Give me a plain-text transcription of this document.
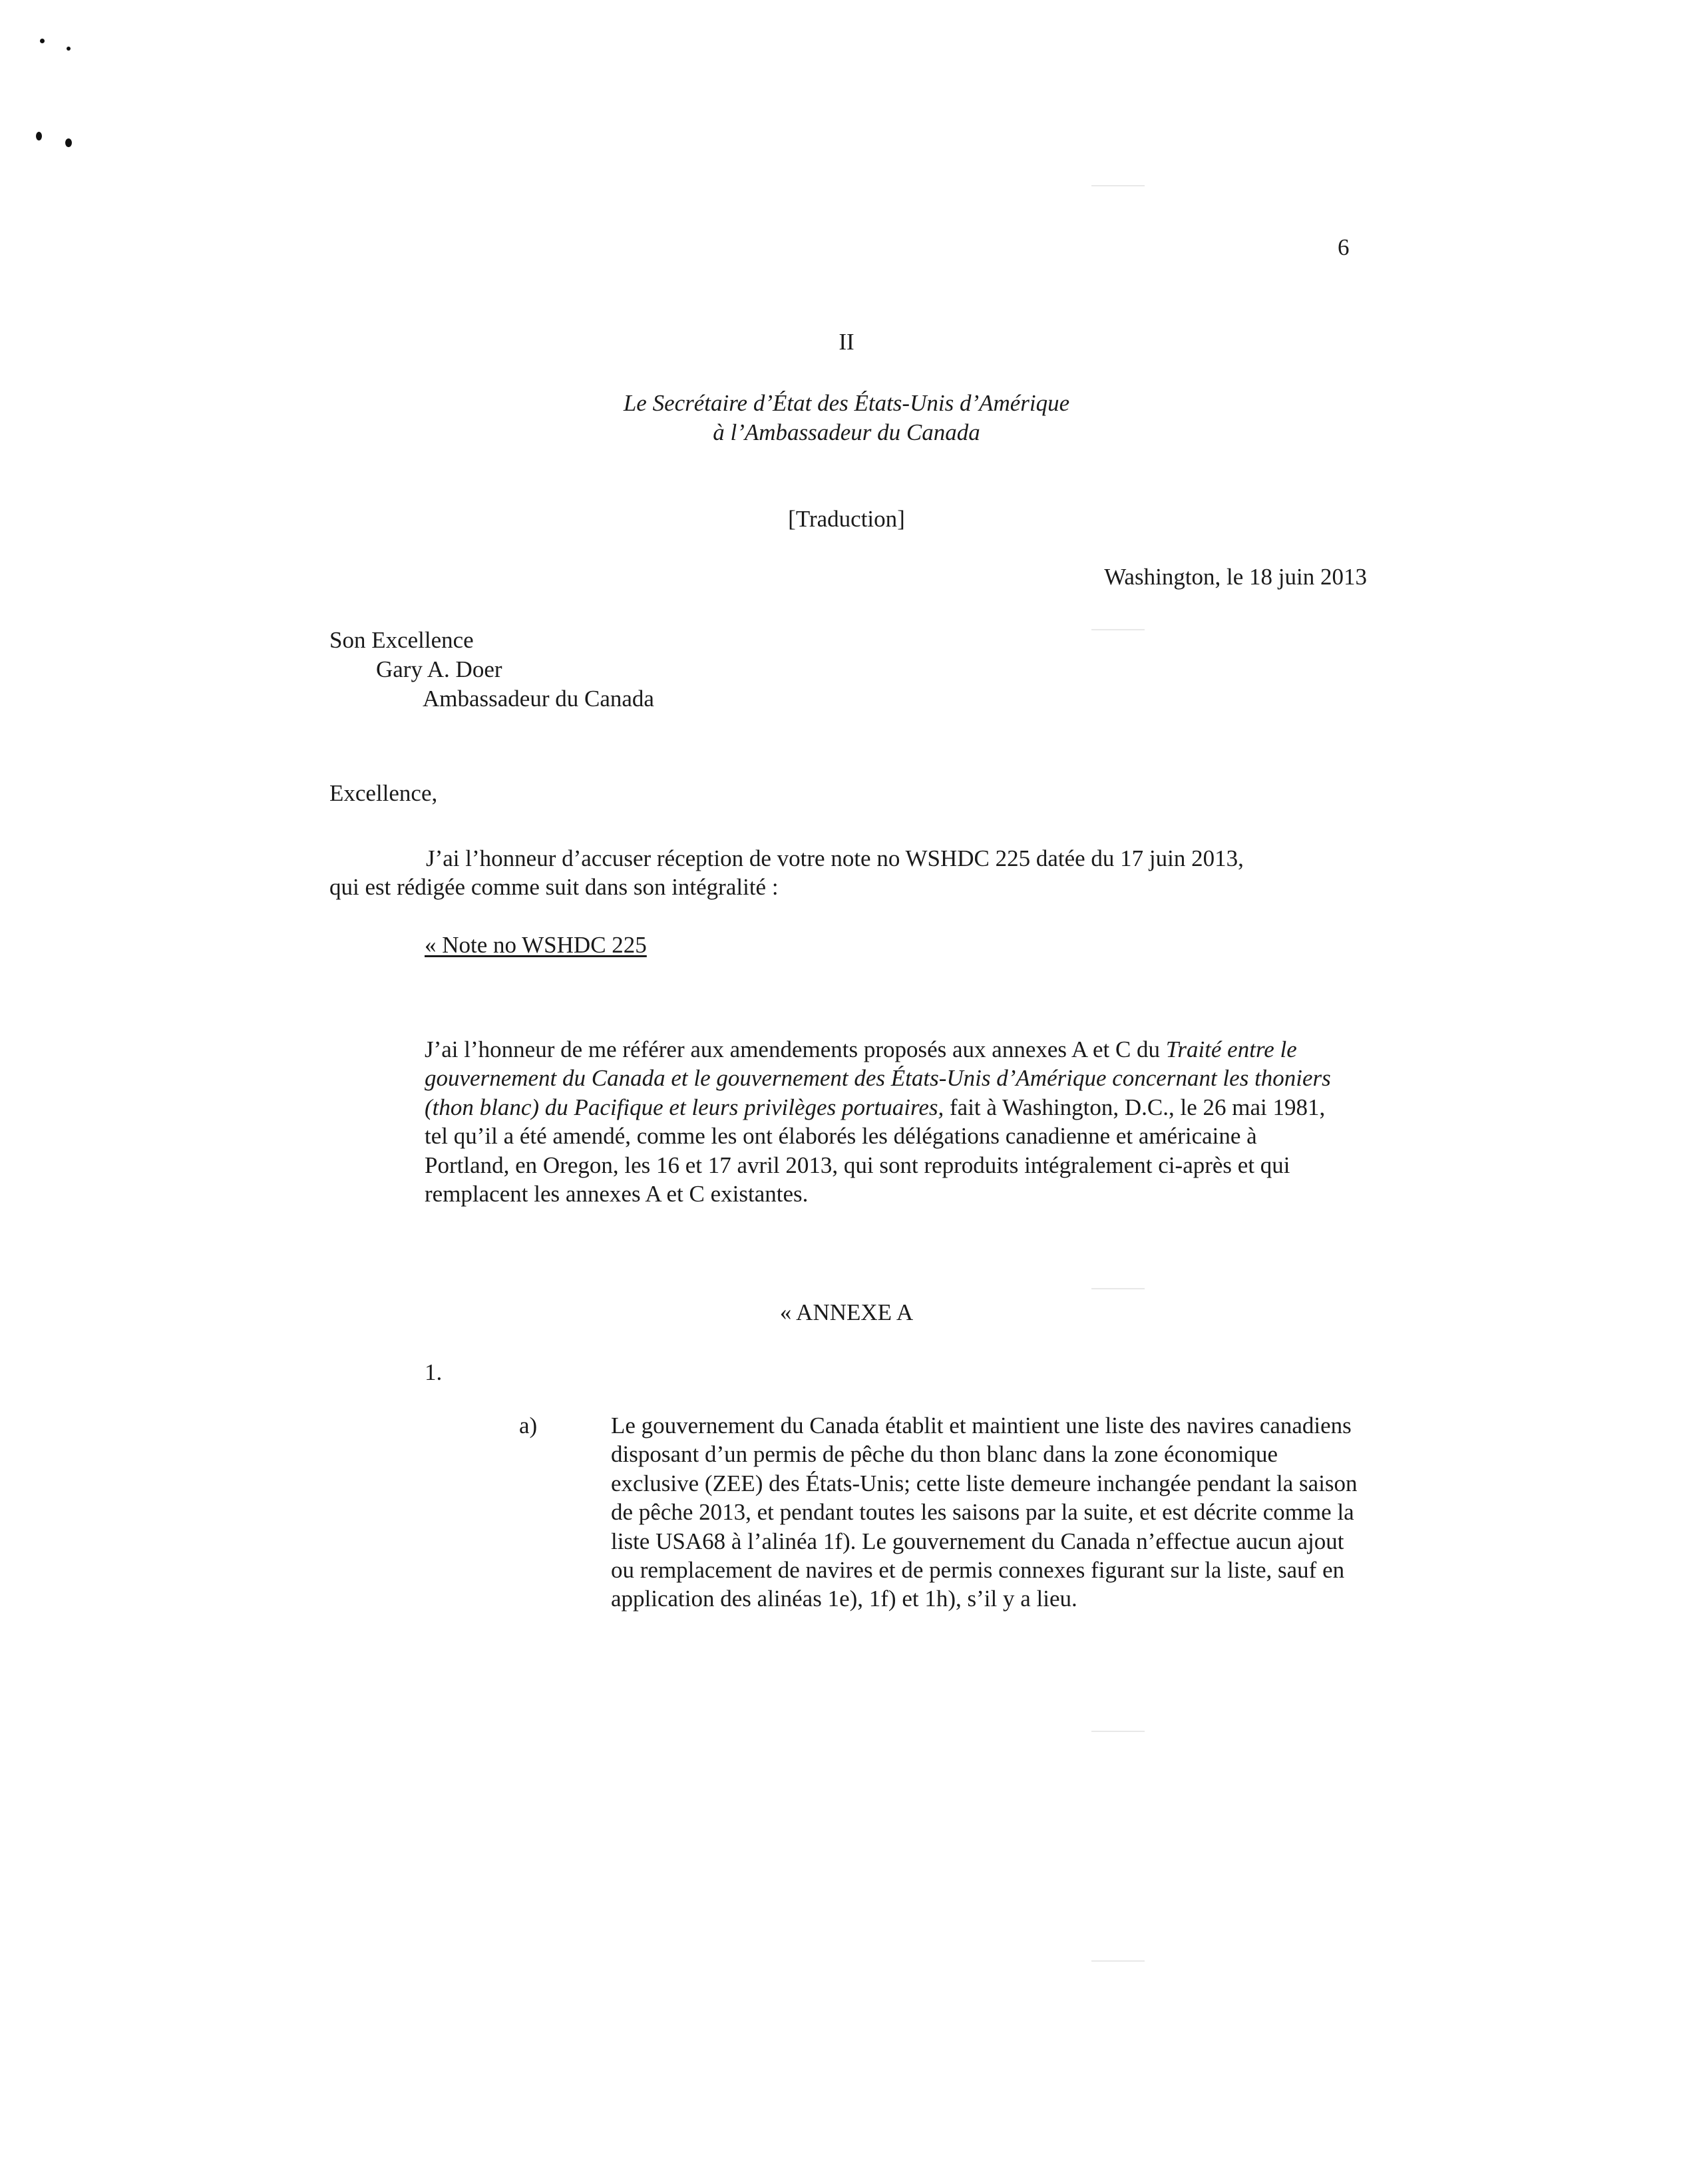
6
II
Le Secrétaire d’État des États-Unis d’Amérique
à l’Ambassadeur du Canada
[Traduction]
Washington, le 18 juin 2013
Son Excellence
Gary A. Doer
Ambassadeur du Canada
Excellence,
J’ai l’honneur d’accuser réception de votre note no WSHDC 225 datée du 17 juin 2013,
qui est rédigée comme suit dans son intégralité :
« Note no WSHDC 225
J’ai l’honneur de me référer aux amendements proposés aux annexes A et C du Traité entre le gouvernement du Canada et le gouvernement des États-Unis d’Amérique concernant les thoniers (thon blanc) du Pacifique et leurs privilèges portuaires, fait à Washington, D.C., le 26 mai 1981, tel qu’il a été amendé, comme les ont élaborés les délégations canadienne et américaine à Portland, en Oregon, les 16 et 17 avril 2013, qui sont reproduits intégralement ci-après et qui remplacent les annexes A et C existantes.
« ANNEXE A
1.
a)	Le gouvernement du Canada établit et maintient une liste des navires canadiens disposant d’un permis de pêche du thon blanc dans la zone économique exclusive (ZEE) des États-Unis; cette liste demeure inchangée pendant la saison de pêche 2013, et pendant toutes les saisons par la suite, et est décrite comme la liste USA68 à l’alinéa 1f). Le gouvernement du Canada n’effectue aucun ajout ou remplacement de navires et de permis connexes figurant sur la liste, sauf en application des alinéas 1e), 1f) et 1h), s’il y a lieu.
